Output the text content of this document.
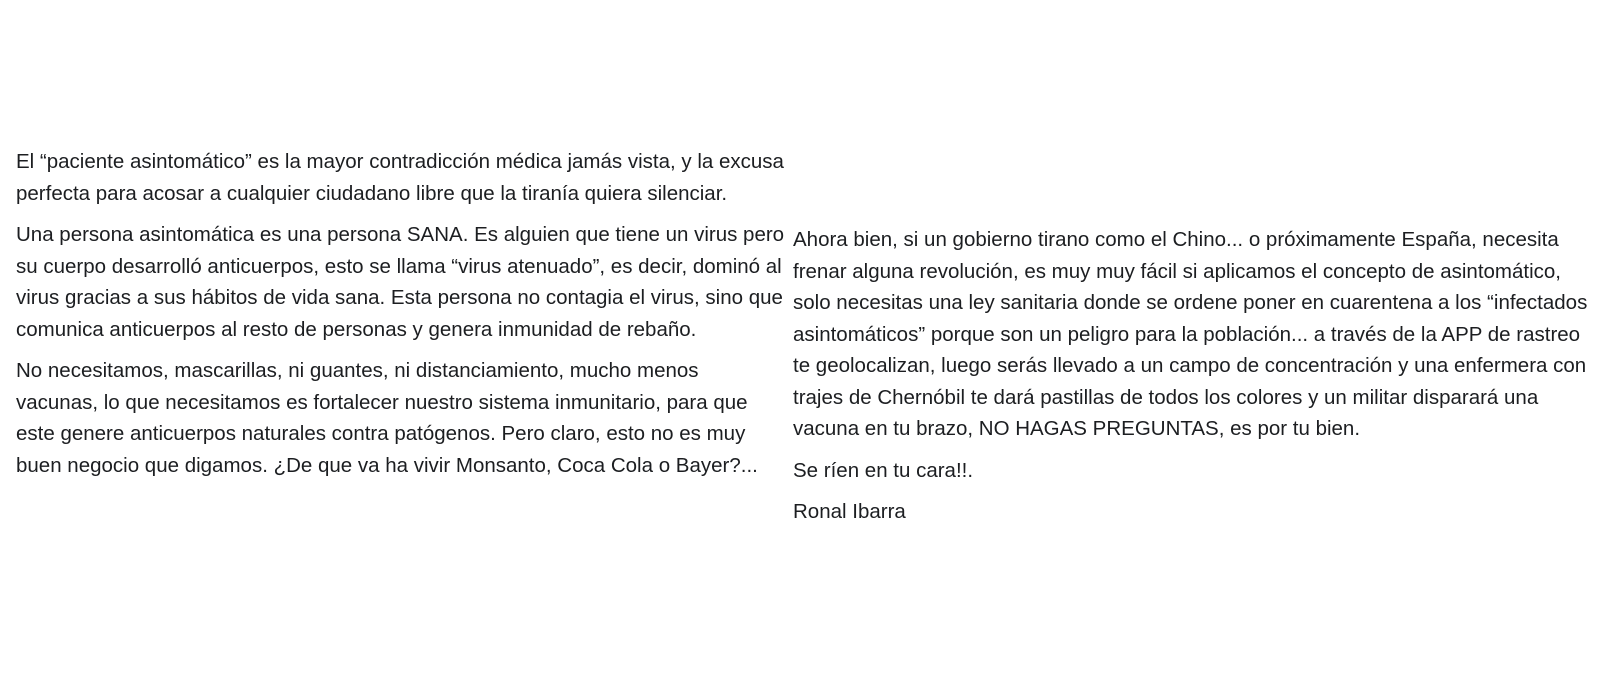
El “paciente asintomático” es la mayor contradicción médica jamás vista, y la excusa perfecta para acosar a cualquier ciudadano libre que la tiranía quiera silenciar.

Una persona asintomática es una persona SANA. Es alguien que tiene un virus pero su cuerpo desarrolló anticuerpos, esto se llama “virus atenuado”, es decir, dominó al virus gracias a sus hábitos de vida sana. Esta persona no contagia el virus, sino que comunica anticuerpos al resto de personas y genera inmunidad de rebaño.

No necesitamos, mascarillas, ni guantes, ni distanciamiento, mucho menos vacunas, lo que necesitamos es fortalecer nuestro sistema inmunitario, para que este genere anticuerpos naturales contra patógenos. Pero claro, esto no es muy buen negocio que digamos. ¿De que va ha vivir Monsanto, Coca Cola o Bayer?...

Ahora bien, si un gobierno tirano como el Chino... o próximamente España, necesita frenar alguna revolución, es muy muy fácil si aplicamos el concepto de asintomático, solo necesitas una ley sanitaria donde se ordene poner en cuarentena a los “infectados asintomáticos” porque son un peligro para la población... a través de la APP de rastreo te geolocalizan, luego serás llevado a un campo de concentración y una enfermera con trajes de Chernóbil te dará pastillas de todos los colores y un militar disparará una vacuna en tu brazo, NO HAGAS PREGUNTAS, es por tu bien.

Se ríen en tu cara!!.

Ronal Ibarra
